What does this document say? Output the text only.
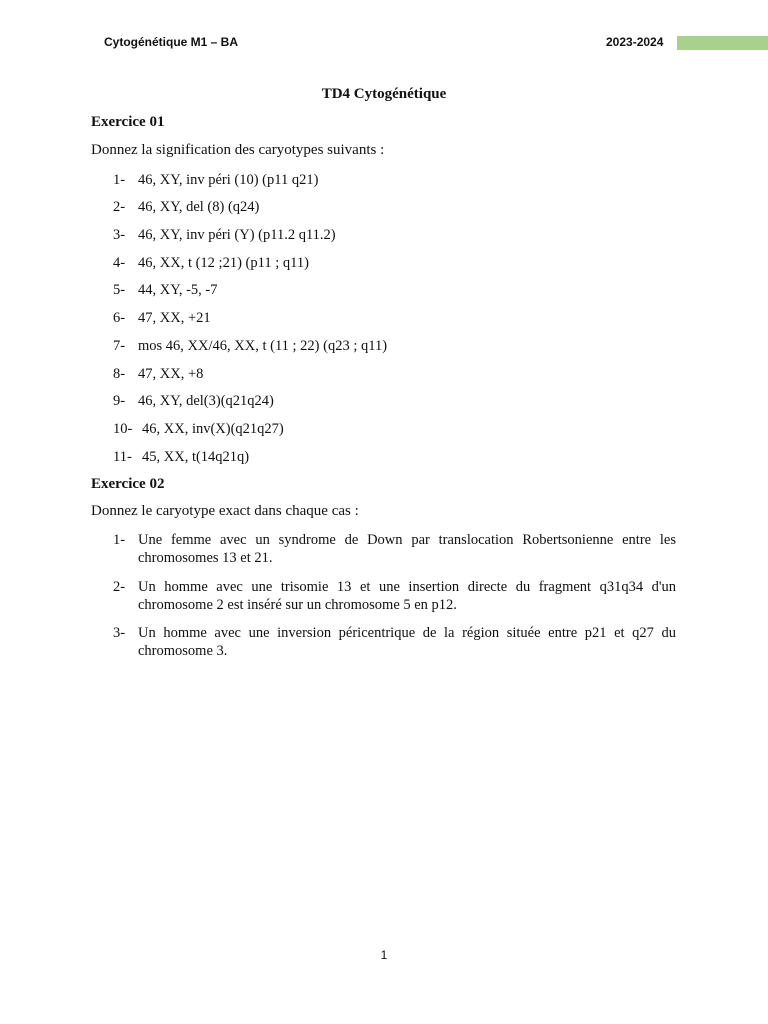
Cytogénétique M1 – BA	2023-2024
TD4 Cytogénétique
Exercice 01
Donnez la signification des caryotypes suivants :
1- 46, XY, inv péri (10) (p11 q21)
2- 46, XY, del (8) (q24)
3- 46, XY, inv péri (Y) (p11.2 q11.2)
4- 46, XX, t (12 ;21) (p11 ; q11)
5- 44, XY, -5, -7
6- 47, XX, +21
7- mos 46, XX/46, XX, t (11 ; 22) (q23 ; q11)
8- 47, XX, +8
9- 46, XY, del(3)(q21q24)
10- 46, XX, inv(X)(q21q27)
11- 45, XX, t(14q21q)
Exercice 02
Donnez le caryotype exact dans chaque cas :
1- Une femme avec un syndrome de Down par translocation Robertsonienne entre les chromosomes 13 et 21.
2- Un homme avec une trisomie 13 et une insertion directe du fragment q31q34 d'un chromosome 2 est inséré sur un chromosome 5 en p12.
3- Un homme avec une inversion péricentrique de la région située entre p21 et q27 du chromosome 3.
1
